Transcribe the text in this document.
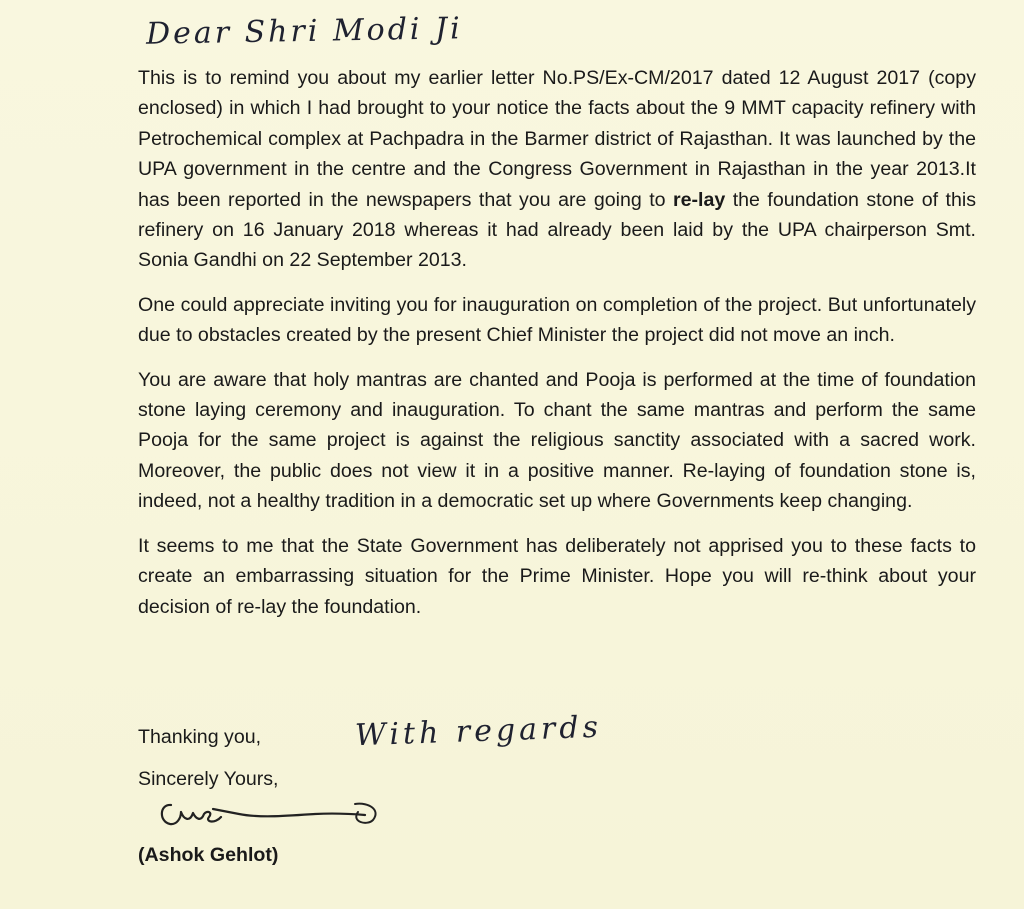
Dear Shri Modi Ji

This is to remind you about my earlier letter No.PS/Ex-CM/2017 dated 12 August 2017 (copy enclosed) in which I had brought to your notice the facts about the 9 MMT capacity refinery with Petrochemical complex at Pachpadra in the Barmer district of Rajasthan. It was launched by the UPA government in the centre and the Congress Government in Rajasthan in the year 2013.It has been reported in the newspapers that you are going to re-lay the foundation stone of this refinery on 16 January 2018 whereas it had already been laid by the UPA chairperson Smt. Sonia Gandhi on 22 September 2013.

One could appreciate inviting you for inauguration on completion of the project. But unfortunately due to obstacles created by the present Chief Minister the project did not move an inch.

You are aware that holy mantras are chanted and Pooja is performed at the time of foundation stone laying ceremony and inauguration. To chant the same mantras and perform the same Pooja for the same project is against the religious sanctity associated with a sacred work. Moreover, the public does not view it in a positive manner. Re-laying of foundation stone is, indeed, not a healthy tradition in a democratic set up where Governments keep changing.

It seems to me that the State Government has deliberately not apprised you to these facts to create an embarrassing situation for the Prime Minister. Hope you will re-think about your decision of re-lay the foundation.

Thanking you,
Sincerely Yours,
With regards
(Ashok Gehlot)
